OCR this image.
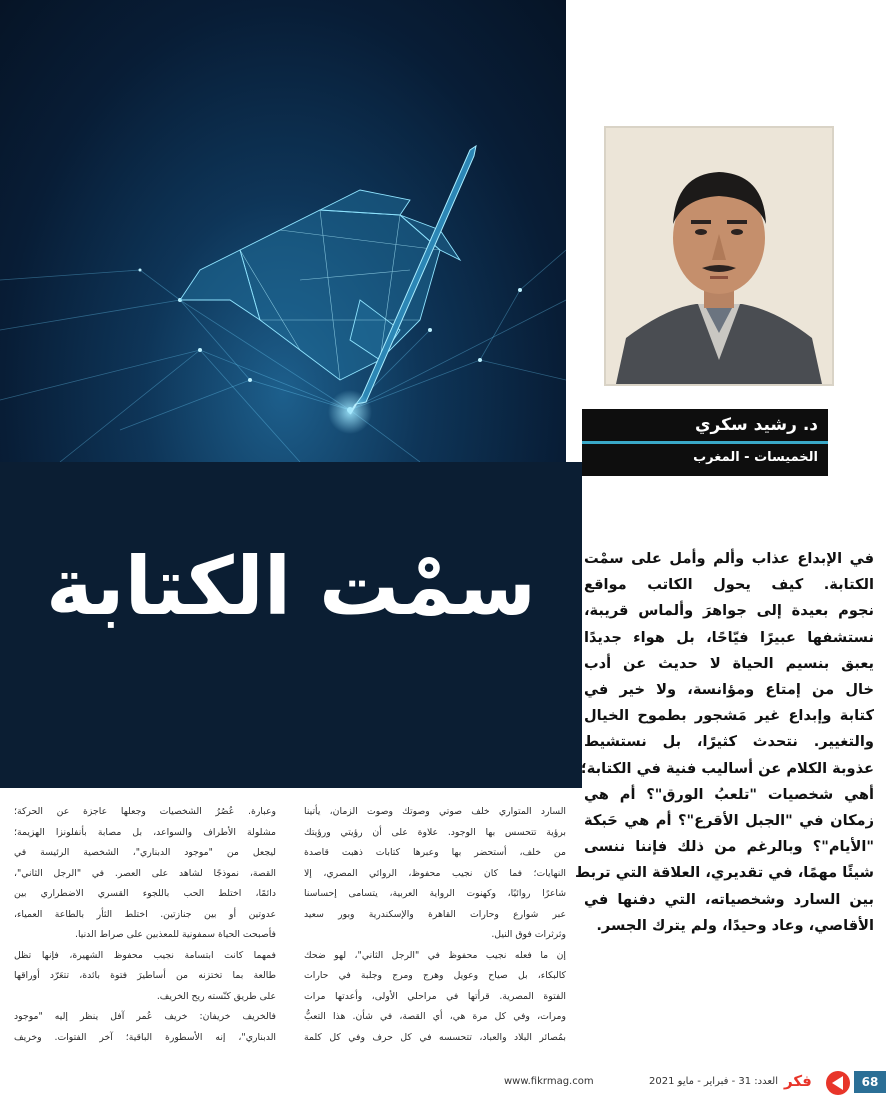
سمْت الكتابة
د. رشيد سكري
الخميسات - المغرب
في الإبداع عذاب وألم وأمل على سمْت
الكتابة. كيف يحول الكاتب مواقع
نجوم بعيدة إلى جواهرَ وألماس قريبة،
نستشفها عبيرًا فيّاحًا، بل هواء جديدًا
يعبق بنسيم الحياة لا حديث عن أدب
خال من إمتاع ومؤانسة، ولا خير في
كتابة وإبداع غير مَشجور بطموح الخيال
والتغيير. نتحدث كثيرًا، بل نستشيط
عذوبة الكلام عن أساليب فنية في الكتابة؛
أهي شخصيات "تلعبُ الورق"؟ أم هي
زمكان في "الجبل الأقرع"؟ أم هي حَبكة
"الأيام"؟ وبالرغم من ذلك فإننا ننسى
شيئًا مهمًا، في تقديري، العلاقة التي تربط
بين السارد وشخصياته، التي دفنها في
الأقاصي، وعاد وحيدًا، ولم يترك الجسر.

السارد المتواري خلف صوتي وصوتك وصوت الزمان، يأتينا
برؤية تتحسس بها الوجود. علاوة على أن رؤيتي ورؤيتك
من خلف، أستحضر بها وعبرها كتابات ذهبت قاصدة
النهايات؛ فما كان نجيب محفوظ، الروائي المصري، إلا
شاعرًا روائيًا، وكهنوت الرواية العربية، يتسامى إحساسنا
عبر شوارع وحارات القاهرة والإسكندرية وبور سعيد
وثرثرات فوق النيل.

إن ما فعله نجيب محفوظ في "الرجل الثاني"، لهو ضحك
كالبكاء، بل صياح وعويل وهرج ومرج وجلبة في حارات
الفتوة المصرية. قرأتها في مراحلي الأولى، وأعدتها مرات
ومرات، وفي كل مرة هي، أي القصة، في شأن. هذا التعبُّ
بمُصائر البلاد والعباد، تتحسسه في كل حرف وفي كل كلمة

وعبارة. عُصُرُ الشخصيات وجعلها عاجزة عن الحركة؛
مشلولة الأطراف والسواعد، بل مصابة بأنفلونزا الهزيمة؛
ليجعل من "موجود الدبناري"، الشخصية الرئيسة في
القصة، نموذجًا لشاهد على العصر. في "الرجل الثاني"،
دائمًا، اختلط الحب باللجوء القسري الاضطراري بين
عدوتين أو بين جنازتين. اختلط الثأر بالطاعة العمياء،
فأصبحت الحياة سمفونية للمعذبين على صراط الدنيا.

فمهما كانت ابتسامة نجيب محفوظ الشهيرة، فإنها تظل
طالعة بما تختزنه من أساطيرَ فتوة بائدة، تتعَرّد أوراقها
على طريق كنّسته ريح الخريف.

فالخريف خريفان: خريف عُمر آفل ينظر إليه "موجود
الدبناري"، إنه الأسطورة الباقية؛ آخر الفتوات. وخريف

68
فكر
العدد: 31 - فبراير - مايو 2021
www.fikrmag.com
